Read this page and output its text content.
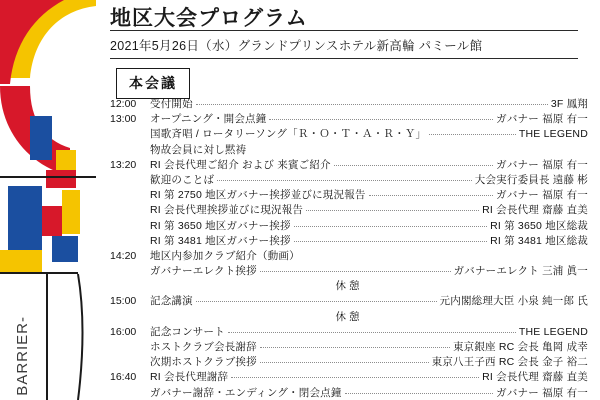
BARRIER-
地区大会プログラム
2021年5月26日（水）グランドプリンスホテル新高輪 パミール館
本会議
12:00	受付開始	3F 鳳翔
13:00	オープニング・開会点鐘	ガバナー 福原 有一
国歌斉唱 / ロータリーソング「Ｒ・Ｏ・Ｔ・Ａ・Ｒ・Ｙ」	THE LEGEND
物故会員に対し黙祷
13:20	RI 会長代理ご紹介 および 来賓ご紹介	ガバナー 福原 有一
歓迎のことば	大会実行委員長 遠藤 彬
RI 第 2750 地区ガバナー挨拶並びに現況報告	ガバナー 福原 有一
RI 会長代理挨拶並びに現況報告	RI 会長代理 齋藤 直美
RI 第 3650 地区ガバナー挨拶	RI 第 3650 地区総裁
RI 第 3481 地区ガバナー挨拶	RI 第 3481 地区総裁
14:20	地区内参加クラブ紹介（動画）
ガバナーエレクト挨拶	ガバナーエレクト 三浦 眞一
休憩
15:00	記念講演	元内閣総理大臣 小泉 純一郎 氏
休憩
16:00	記念コンサート	THE LEGEND
ホストクラブ会長謝辞	東京銀座 RC 会長 亀岡 成幸
次期ホストクラブ挨拶	東京八王子西 RC 会長 金子 裕二
16:40	RI 会長代理謝辞	RI 会長代理 齋藤 直美
ガバナー謝辞・エンディング・閉会点鐘	ガバナー 福原 有一
